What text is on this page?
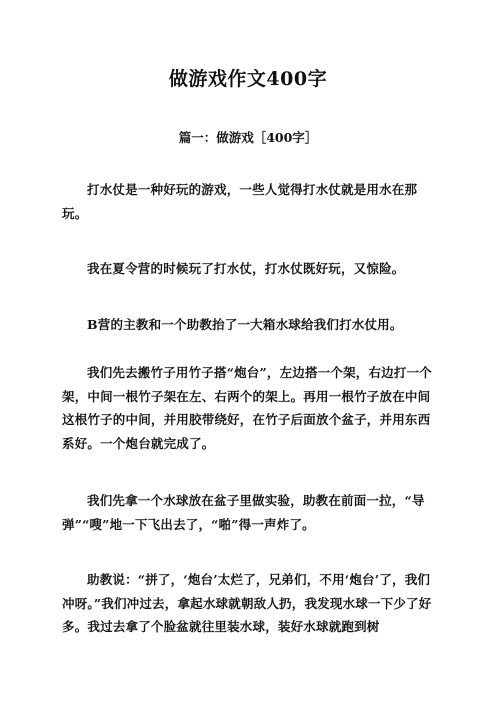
做游戏作文400字
篇一：做游戏［400字］
打水仗是一种好玩的游戏，一些人觉得打水仗就是用水在那玩。
我在夏令营的时候玩了打水仗，打水仗既好玩，又惊险。
B营的主教和一个助教抬了一大箱水球给我们打水仗用。
我们先去搬竹子用竹子搭“炮台”，左边搭一个架，右边打一个架，中间一根竹子架在左、右两个的架上。再用一根竹子放在中间这根竹子的中间，并用胶带绕好，在竹子后面放个盆子，并用东西系好。一个炮台就完成了。
我们先拿一个水球放在盆子里做实验，助教在前面一拉，“导弹”“嗖”地一下飞出去了，“啪”得一声炸了。
助教说：“拼了，‘炮台’太烂了，兄弟们，不用‘炮台’了，我们冲呀。”我们冲过去，拿起水球就朝敌人扔，我发现水球一下少了好多。我过去拿了个脸盆就往里装水球，装好水球就跑到树
